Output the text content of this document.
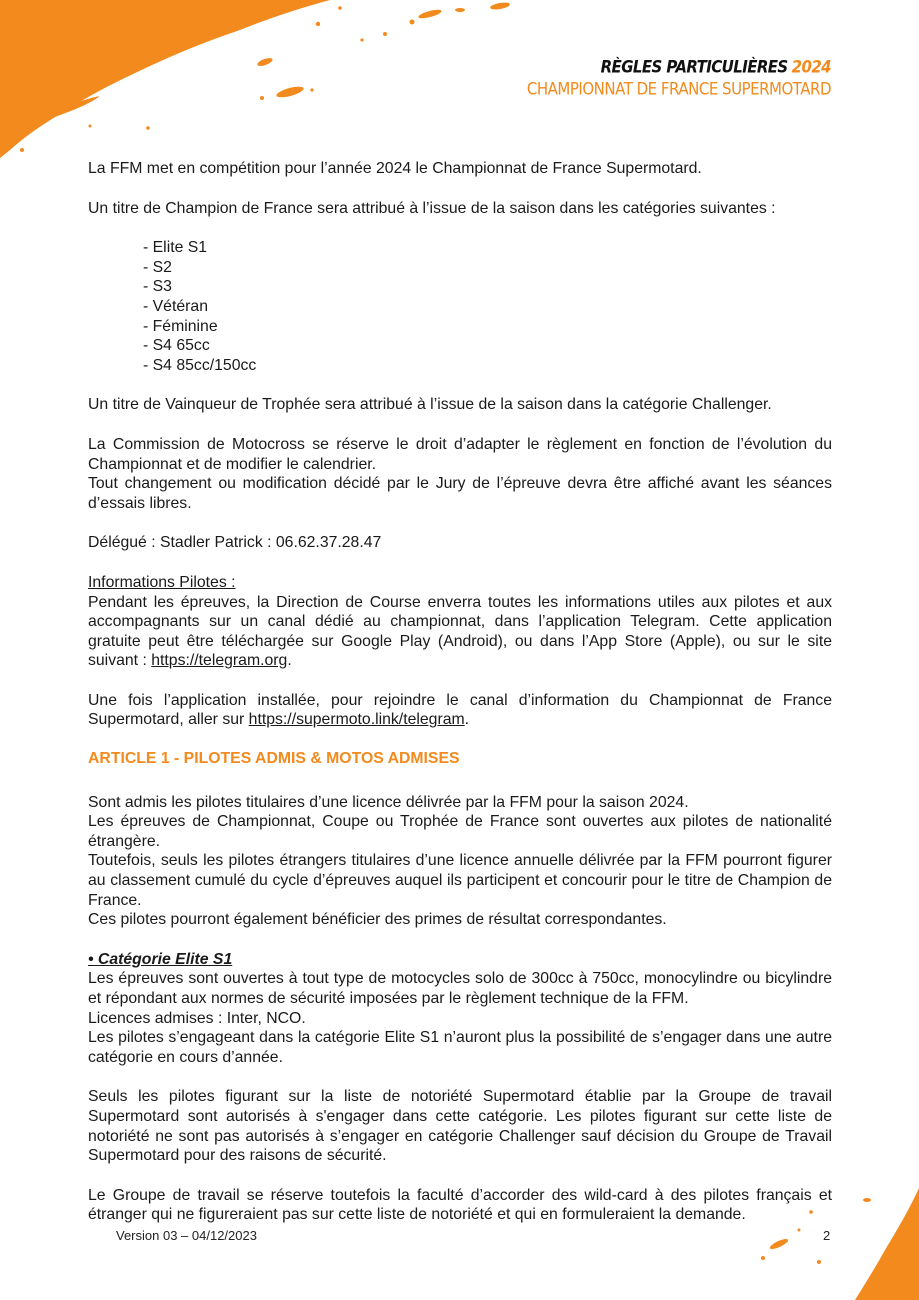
RÈGLES PARTICULIÈRES 2024
CHAMPIONNAT DE FRANCE SUPERMOTARD

La FFM met en compétition pour l’année 2024 le Championnat de France Supermotard.

Un titre de Champion de France sera attribué à l’issue de la saison dans les catégories suivantes :

- Elite S1
- S2
- S3
- Vétéran
- Féminine
- S4 65cc
- S4 85cc/150cc

Un titre de Vainqueur de Trophée sera attribué à l’issue de la saison dans la catégorie Challenger.

La Commission de Motocross se réserve le droit d’adapter le règlement en fonction de l’évolution du Championnat et de modifier le calendrier.

Tout changement ou modification décidé par le Jury de l’épreuve devra être affiché avant les séances d’essais libres.

Délégué : Stadler Patrick : 06.62.37.28.47

Informations Pilotes :

Pendant les épreuves, la Direction de Course enverra toutes les informations utiles aux pilotes et aux accompagnants sur un canal dédié au championnat, dans l’application Telegram. Cette application gratuite peut être téléchargée sur Google Play (Android), ou dans l’App Store (Apple), ou sur le site suivant : https://telegram.org.

Une fois l’application installée, pour rejoindre le canal d’information du Championnat de France Supermotard, aller sur https://supermoto.link/telegram.

ARTICLE 1 - PILOTES ADMIS & MOTOS ADMISES

Sont admis les pilotes titulaires d’une licence délivrée par la FFM pour la saison 2024.

Les épreuves de Championnat, Coupe ou Trophée de France sont ouvertes aux pilotes de nationalité étrangère.

Toutefois, seuls les pilotes étrangers titulaires d’une licence annuelle délivrée par la FFM pourront figurer au classement cumulé du cycle d’épreuves auquel ils participent et concourir pour le titre de Champion de France.

Ces pilotes pourront également bénéficier des primes de résultat correspondantes.

• Catégorie Elite S1

Les épreuves sont ouvertes à tout type de motocycles solo de 300cc à 750cc, monocylindre ou bicylindre et répondant aux normes de sécurité imposées par le règlement technique de la FFM.

Licences admises : Inter, NCO.

Les pilotes s’engageant dans la catégorie Elite S1 n’auront plus la possibilité de s’engager dans une autre catégorie en cours d’année.

Seuls les pilotes figurant sur la liste de notoriété Supermotard établie par la Groupe de travail Supermotard sont autorisés à s'engager dans cette catégorie. Les pilotes figurant sur cette liste de notoriété ne sont pas autorisés à s’engager en catégorie Challenger sauf décision du Groupe de Travail Supermotard pour des raisons de sécurité.

Le Groupe de travail se réserve toutefois la faculté d’accorder des wild-card à des pilotes français et étranger qui ne figureraient pas sur cette liste de notoriété et qui en formuleraient la demande.

Version 03 – 04/12/2023	2
